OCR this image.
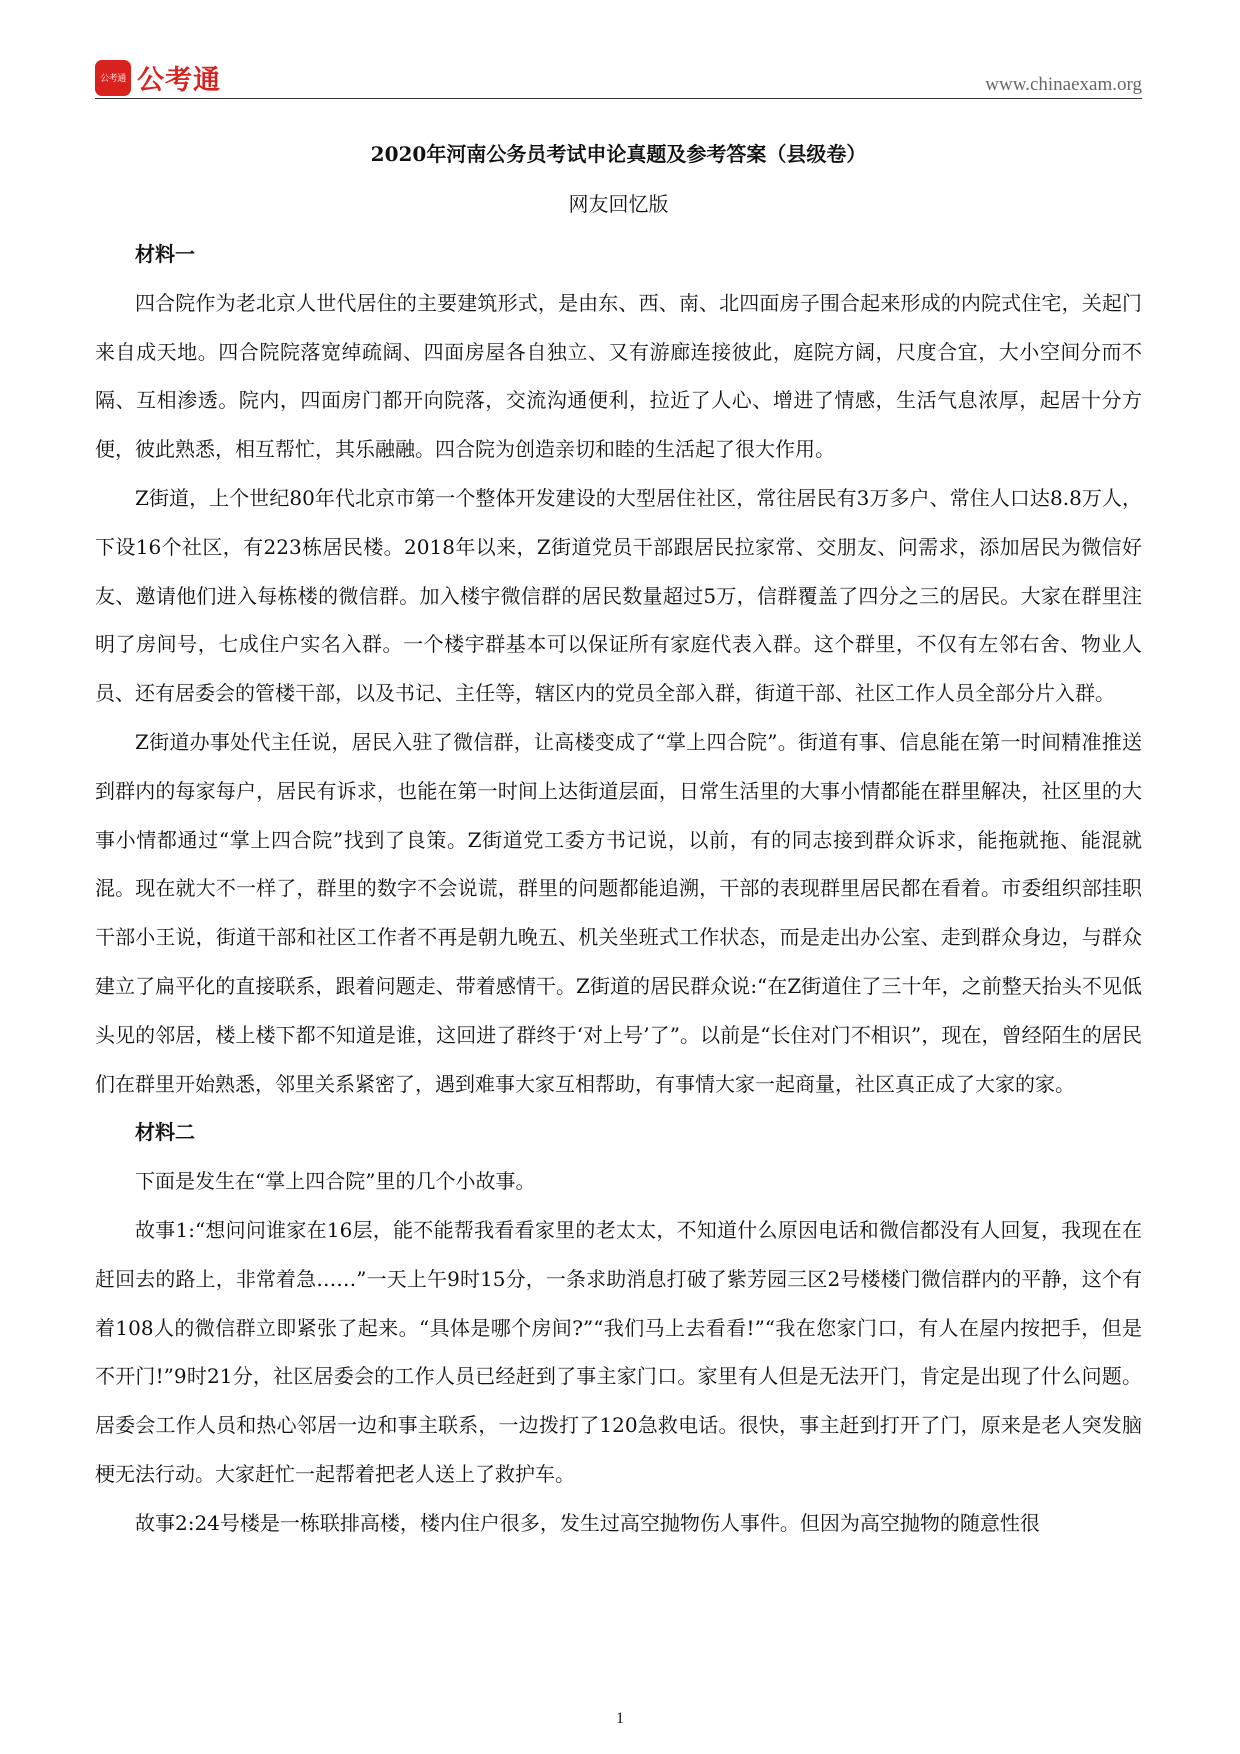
公考通 公考通	www.chinaexam.org
2020年河南公务员考试申论真题及参考答案（县级卷）
网友回忆版
材料一

四合院作为老北京人世代居住的主要建筑形式，是由东、西、南、北四面房子围合起来形成的内院式住宅，关起门来自成天地。四合院院落宽绰疏阔、四面房屋各自独立、又有游廊连接彼此，庭院方阔，尺度合宜，大小空间分而不隔、互相渗透。院内，四面房门都开向院落，交流沟通便利，拉近了人心、增进了情感，生活气息浓厚，起居十分方便，彼此熟悉，相互帮忙，其乐融融。四合院为创造亲切和睦的生活起了很大作用。

Z街道，上个世纪80年代北京市第一个整体开发建设的大型居住社区，常往居民有3万多户、常住人口达8.8万人，下设16个社区，有223栋居民楼。2018年以来，Z街道党员干部跟居民拉家常、交朋友、问需求，添加居民为微信好友、邀请他们进入每栋楼的微信群。加入楼宇微信群的居民数量超过5万，信群覆盖了四分之三的居民。大家在群里注明了房间号，七成住户实名入群。一个楼宇群基本可以保证所有家庭代表入群。这个群里，不仅有左邻右舍、物业人员、还有居委会的管楼干部，以及书记、主任等，辖区内的党员全部入群，街道干部、社区工作人员全部分片入群。

Z街道办事处代主任说，居民入驻了微信群，让高楼变成了“掌上四合院”。街道有事、信息能在第一时间精准推送到群内的每家每户，居民有诉求，也能在第一时间上达街道层面，日常生活里的大事小情都能在群里解决，社区里的大事小情都通过“掌上四合院”找到了良策。Z街道党工委方书记说，以前，有的同志接到群众诉求，能拖就拖、能混就混。现在就大不一样了，群里的数字不会说谎，群里的问题都能追溯，干部的表现群里居民都在看着。市委组织部挂职干部小王说，街道干部和社区工作者不再是朝九晚五、机关坐班式工作状态，而是走出办公室、走到群众身边，与群众建立了扁平化的直接联系，跟着问题走、带着感情干。Z街道的居民群众说:“在Z街道住了三十年，之前整天抬头不见低头见的邻居，楼上楼下都不知道是谁，这回进了群终于‘对上号’了”。以前是“长住对门不相识”，现在，曾经陌生的居民们在群里开始熟悉，邻里关系紧密了，遇到难事大家互相帮助，有事情大家一起商量，社区真正成了大家的家。

材料二

下面是发生在“掌上四合院”里的几个小故事。

故事1:“想问问谁家在16层，能不能帮我看看家里的老太太，不知道什么原因电话和微信都没有人回复，我现在在赶回去的路上，非常着急……”一天上午9时15分，一条求助消息打破了紫芳园三区2号楼楼门微信群内的平静，这个有着108人的微信群立即紧张了起来。“具体是哪个房间?”“我们马上去看看!”“我在您家门口，有人在屋内按把手，但是不开门!”9时21分，社区居委会的工作人员已经赶到了事主家门口。家里有人但是无法开门，肯定是出现了什么问题。居委会工作人员和热心邻居一边和事主联系，一边拨打了120急救电话。很快，事主赶到打开了门，原来是老人突发脑梗无法行动。大家赶忙一起帮着把老人送上了救护车。

故事2:24号楼是一栋联排高楼，楼内住户很多，发生过高空抛物伤人事件。但因为高空抛物的随意性很

1
